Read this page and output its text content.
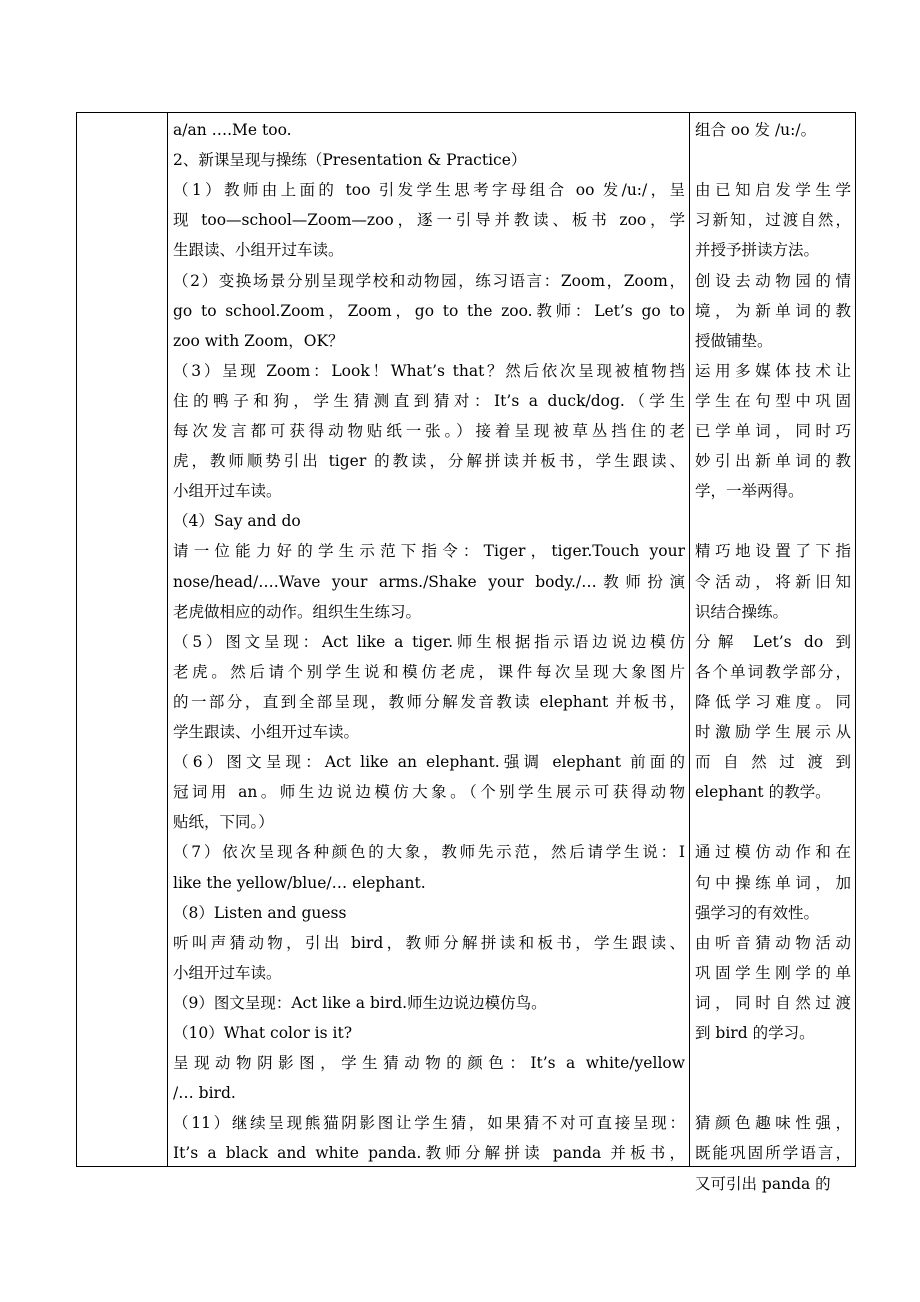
a/an ….Me too.
2、新课呈现与操练（Presentation & Practice）
（1）教师由上面的 too 引发学生思考字母组合 oo 发/u:/，呈
现 too—school—Zoom—zoo，逐一引导并教读、板书 zoo，学
生跟读、小组开过车读。
（2）变换场景分别呈现学校和动物园，练习语言：Zoom，Zoom，
go to school.Zoom，Zoom，go to the zoo.教师：Let’s go to
zoo with Zoom，OK？
（3）呈现 Zoom：Look！What’s that？然后依次呈现被植物挡
住的鸭子和狗，学生猜测直到猜对：It’s a duck/dog.（学生
每次发言都可获得动物贴纸一张。）接着呈现被草丛挡住的老
虎，教师顺势引出 tiger 的教读，分解拼读并板书，学生跟读、
小组开过车读。
（4）Say and do
请一位能力好的学生示范下指令：Tiger，tiger.Touch your
nose/head/….Wave your arms./Shake your body./…教师扮演
老虎做相应的动作。组织生生练习。
（5）图文呈现：Act like a tiger.师生根据指示语边说边模仿
老虎。然后请个别学生说和模仿老虎，课件每次呈现大象图片
的一部分，直到全部呈现，教师分解发音教读 elephant 并板书，
学生跟读、小组开过车读。
（6）图文呈现：Act like an elephant.强调 elephant 前面的
冠词用 an。师生边说边模仿大象。（个别学生展示可获得动物
贴纸，下同。）
（7）依次呈现各种颜色的大象，教师先示范，然后请学生说：I
like the yellow/blue/… elephant.
（8）Listen and guess
听叫声猜动物，引出 bird，教师分解拼读和板书，学生跟读、
小组开过车读。
（9）图文呈现：Act like a bird.师生边说边模仿鸟。
（10）What color is it?
呈现动物阴影图，学生猜动物的颜色：It’s a white/yellow
/… bird.
（11）继续呈现熊猫阴影图让学生猜，如果猜不对可直接呈现：
It’s a black and white panda.教师分解拼读 panda 并板书，
组合 oo 发 /u:/。
由已知启发学生学
习新知，过渡自然，
并授予拼读方法。
创设去动物园的情
境，为新单词的教
授做铺垫。
运用多媒体技术让
学生在句型中巩固
已学单词，同时巧
妙引出新单词的教
学，一举两得。
精巧地设置了下指
令活动，将新旧知
识结合操练。
分解 Let’s do 到
各个单词教学部分，
降低学习难度。同
时激励学生展示从
而 自 然 过 渡 到
elephant 的教学。
通过模仿动作和在
句中操练单词，加
强学习的有效性。
由听音猜动物活动
巩固学生刚学的单
词，同时自然过渡
到 bird 的学习。
猜颜色趣味性强，
既能巩固所学语言，
又可引出 panda 的
